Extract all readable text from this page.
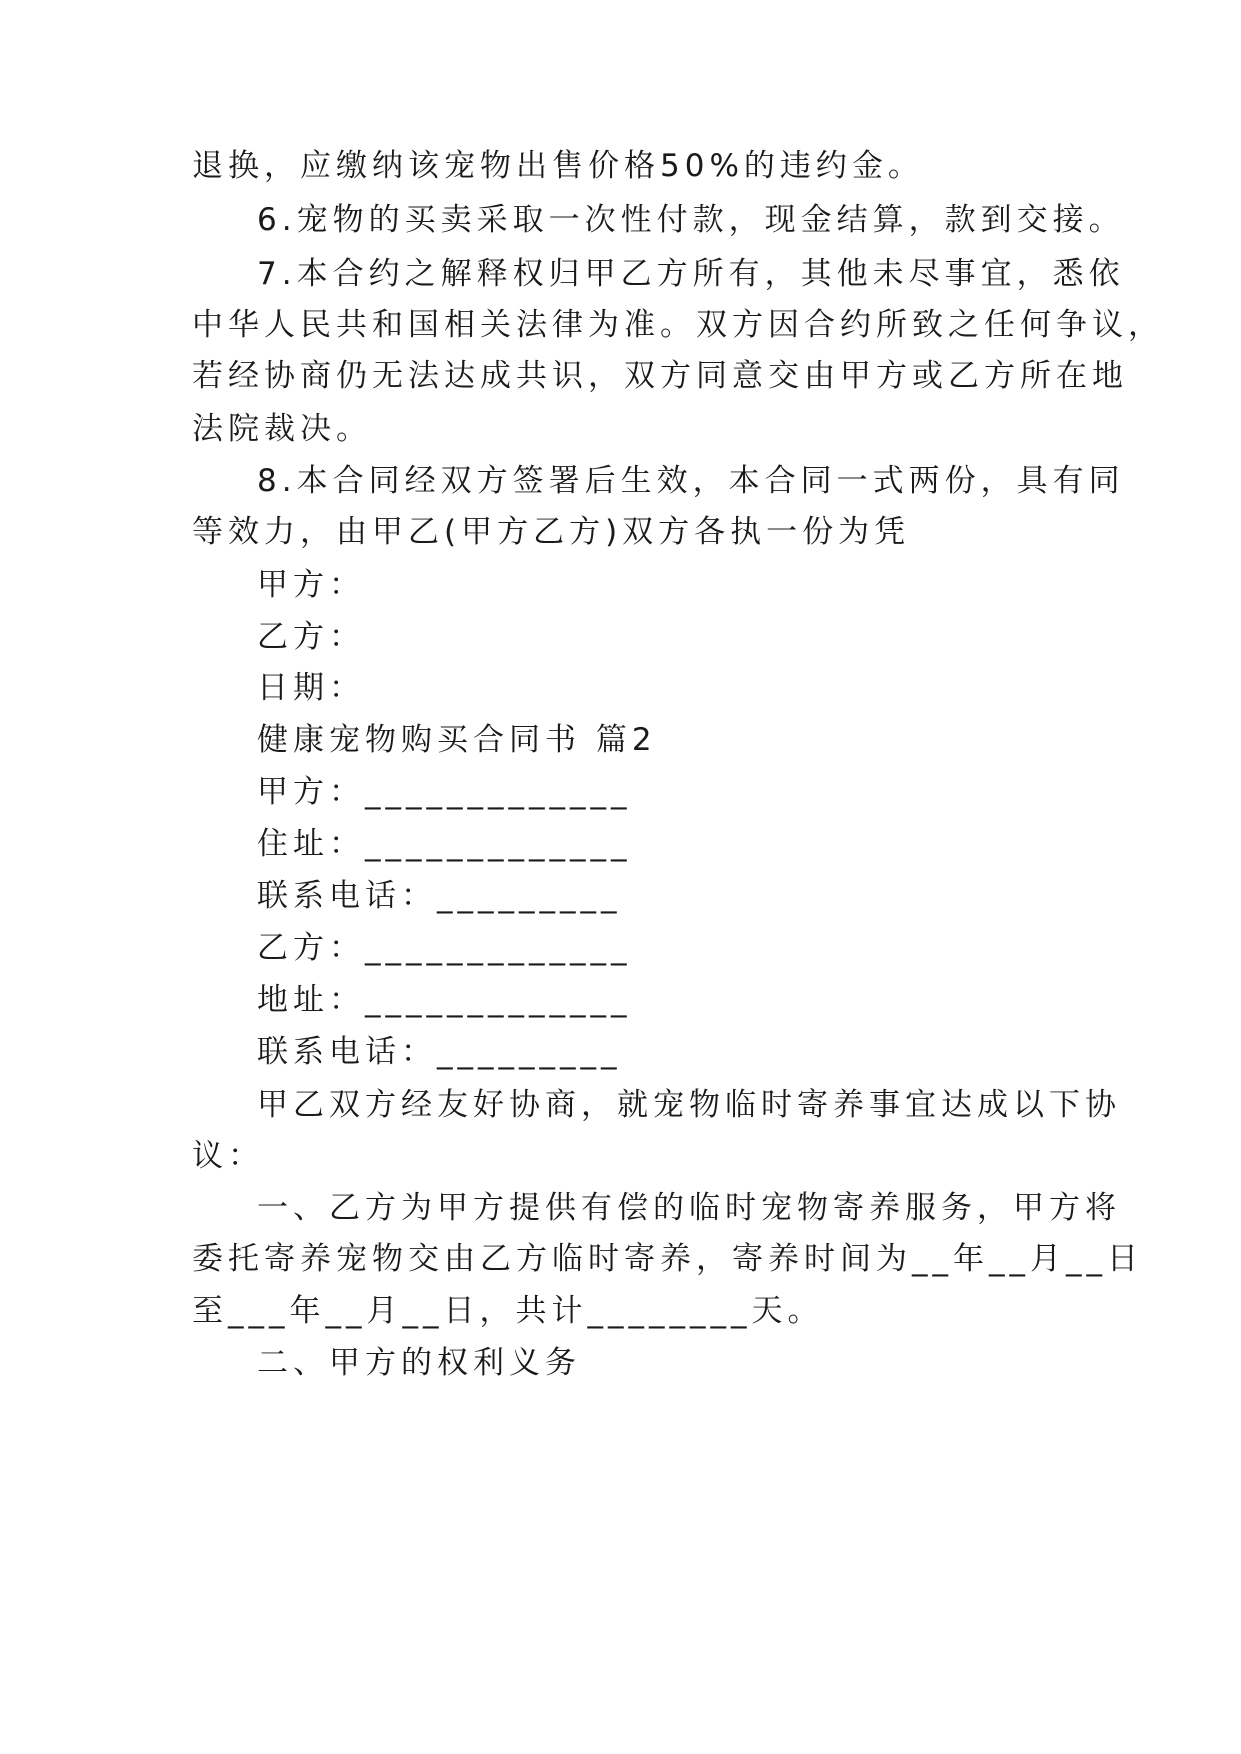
退换，应缴纳该宠物出售价格50%的违约金。
6.宠物的买卖采取一次性付款，现金结算，款到交接。
7.本合约之解释权归甲乙方所有，其他未尽事宜，悉依
中华人民共和国相关法律为准。双方因合约所致之任何争议，
若经协商仍无法达成共识，双方同意交由甲方或乙方所在地
法院裁决。
8.本合同经双方签署后生效，本合同一式两份，具有同
等效力，由甲乙(甲方乙方)双方各执一份为凭
甲方：
乙方：
日期：
健康宠物购买合同书 篇2
甲方：_____________
住址：_____________
联系电话：_________
乙方：_____________
地址：_____________
联系电话：_________
甲乙双方经友好协商，就宠物临时寄养事宜达成以下协
议：
一、乙方为甲方提供有偿的临时宠物寄养服务，甲方将
委托寄养宠物交由乙方临时寄养，寄养时间为__年__月__日
至___年__月__日，共计________天。
二、甲方的权利义务
